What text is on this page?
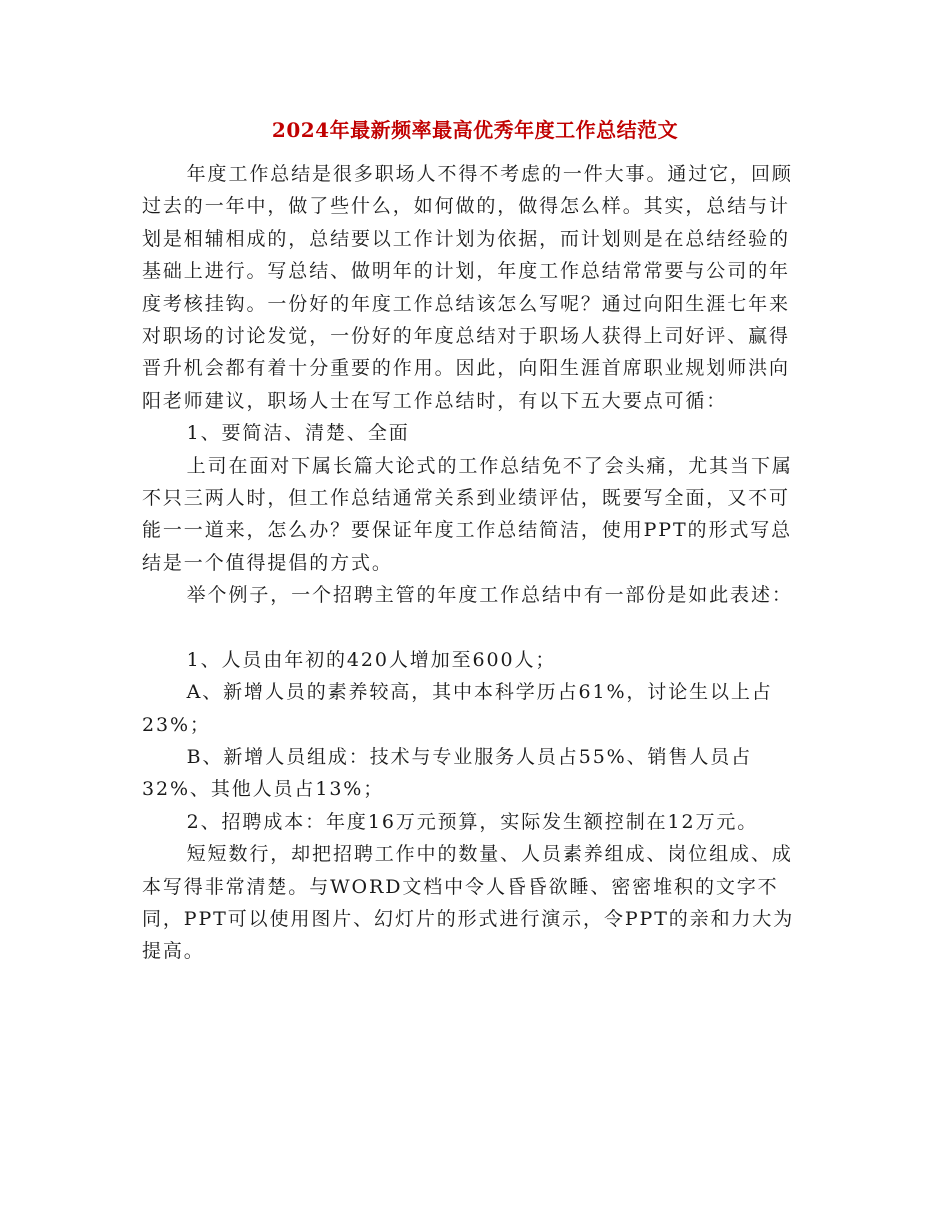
2024年最新频率最高优秀年度工作总结范文

年度工作总结是很多职场人不得不考虑的一件大事。通过它，回顾过去的一年中，做了些什么，如何做的，做得怎么样。其实，总结与计划是相辅相成的，总结要以工作计划为依据，而计划则是在总结经验的基础上进行。写总结、做明年的计划，年度工作总结常常要与公司的年度考核挂钩。一份好的年度工作总结该怎么写呢？通过向阳生涯七年来对职场的讨论发觉，一份好的年度总结对于职场人获得上司好评、赢得晋升机会都有着十分重要的作用。因此，向阳生涯首席职业规划师洪向阳老师建议，职场人士在写工作总结时，有以下五大要点可循：

1、要简洁、清楚、全面

上司在面对下属长篇大论式的工作总结免不了会头痛，尤其当下属不只三两人时，但工作总结通常关系到业绩评估，既要写全面，又不可能一一道来，怎么办？要保证年度工作总结简洁，使用PPT的形式写总结是一个值得提倡的方式。

举个例子，一个招聘主管的年度工作总结中有一部份是如此表述：

1、人员由年初的420人增加至600人；

A、新增人员的素养较高，其中本科学历占61%，讨论生以上占23%；

B、新增人员组成：技术与专业服务人员占55%、销售人员占32%、其他人员占13%；

2、招聘成本：年度16万元预算，实际发生额控制在12万元。

短短数行，却把招聘工作中的数量、人员素养组成、岗位组成、成本写得非常清楚。与WORD文档中令人昏昏欲睡、密密堆积的文字不同，PPT可以使用图片、幻灯片的形式进行演示，令PPT的亲和力大为提高。
